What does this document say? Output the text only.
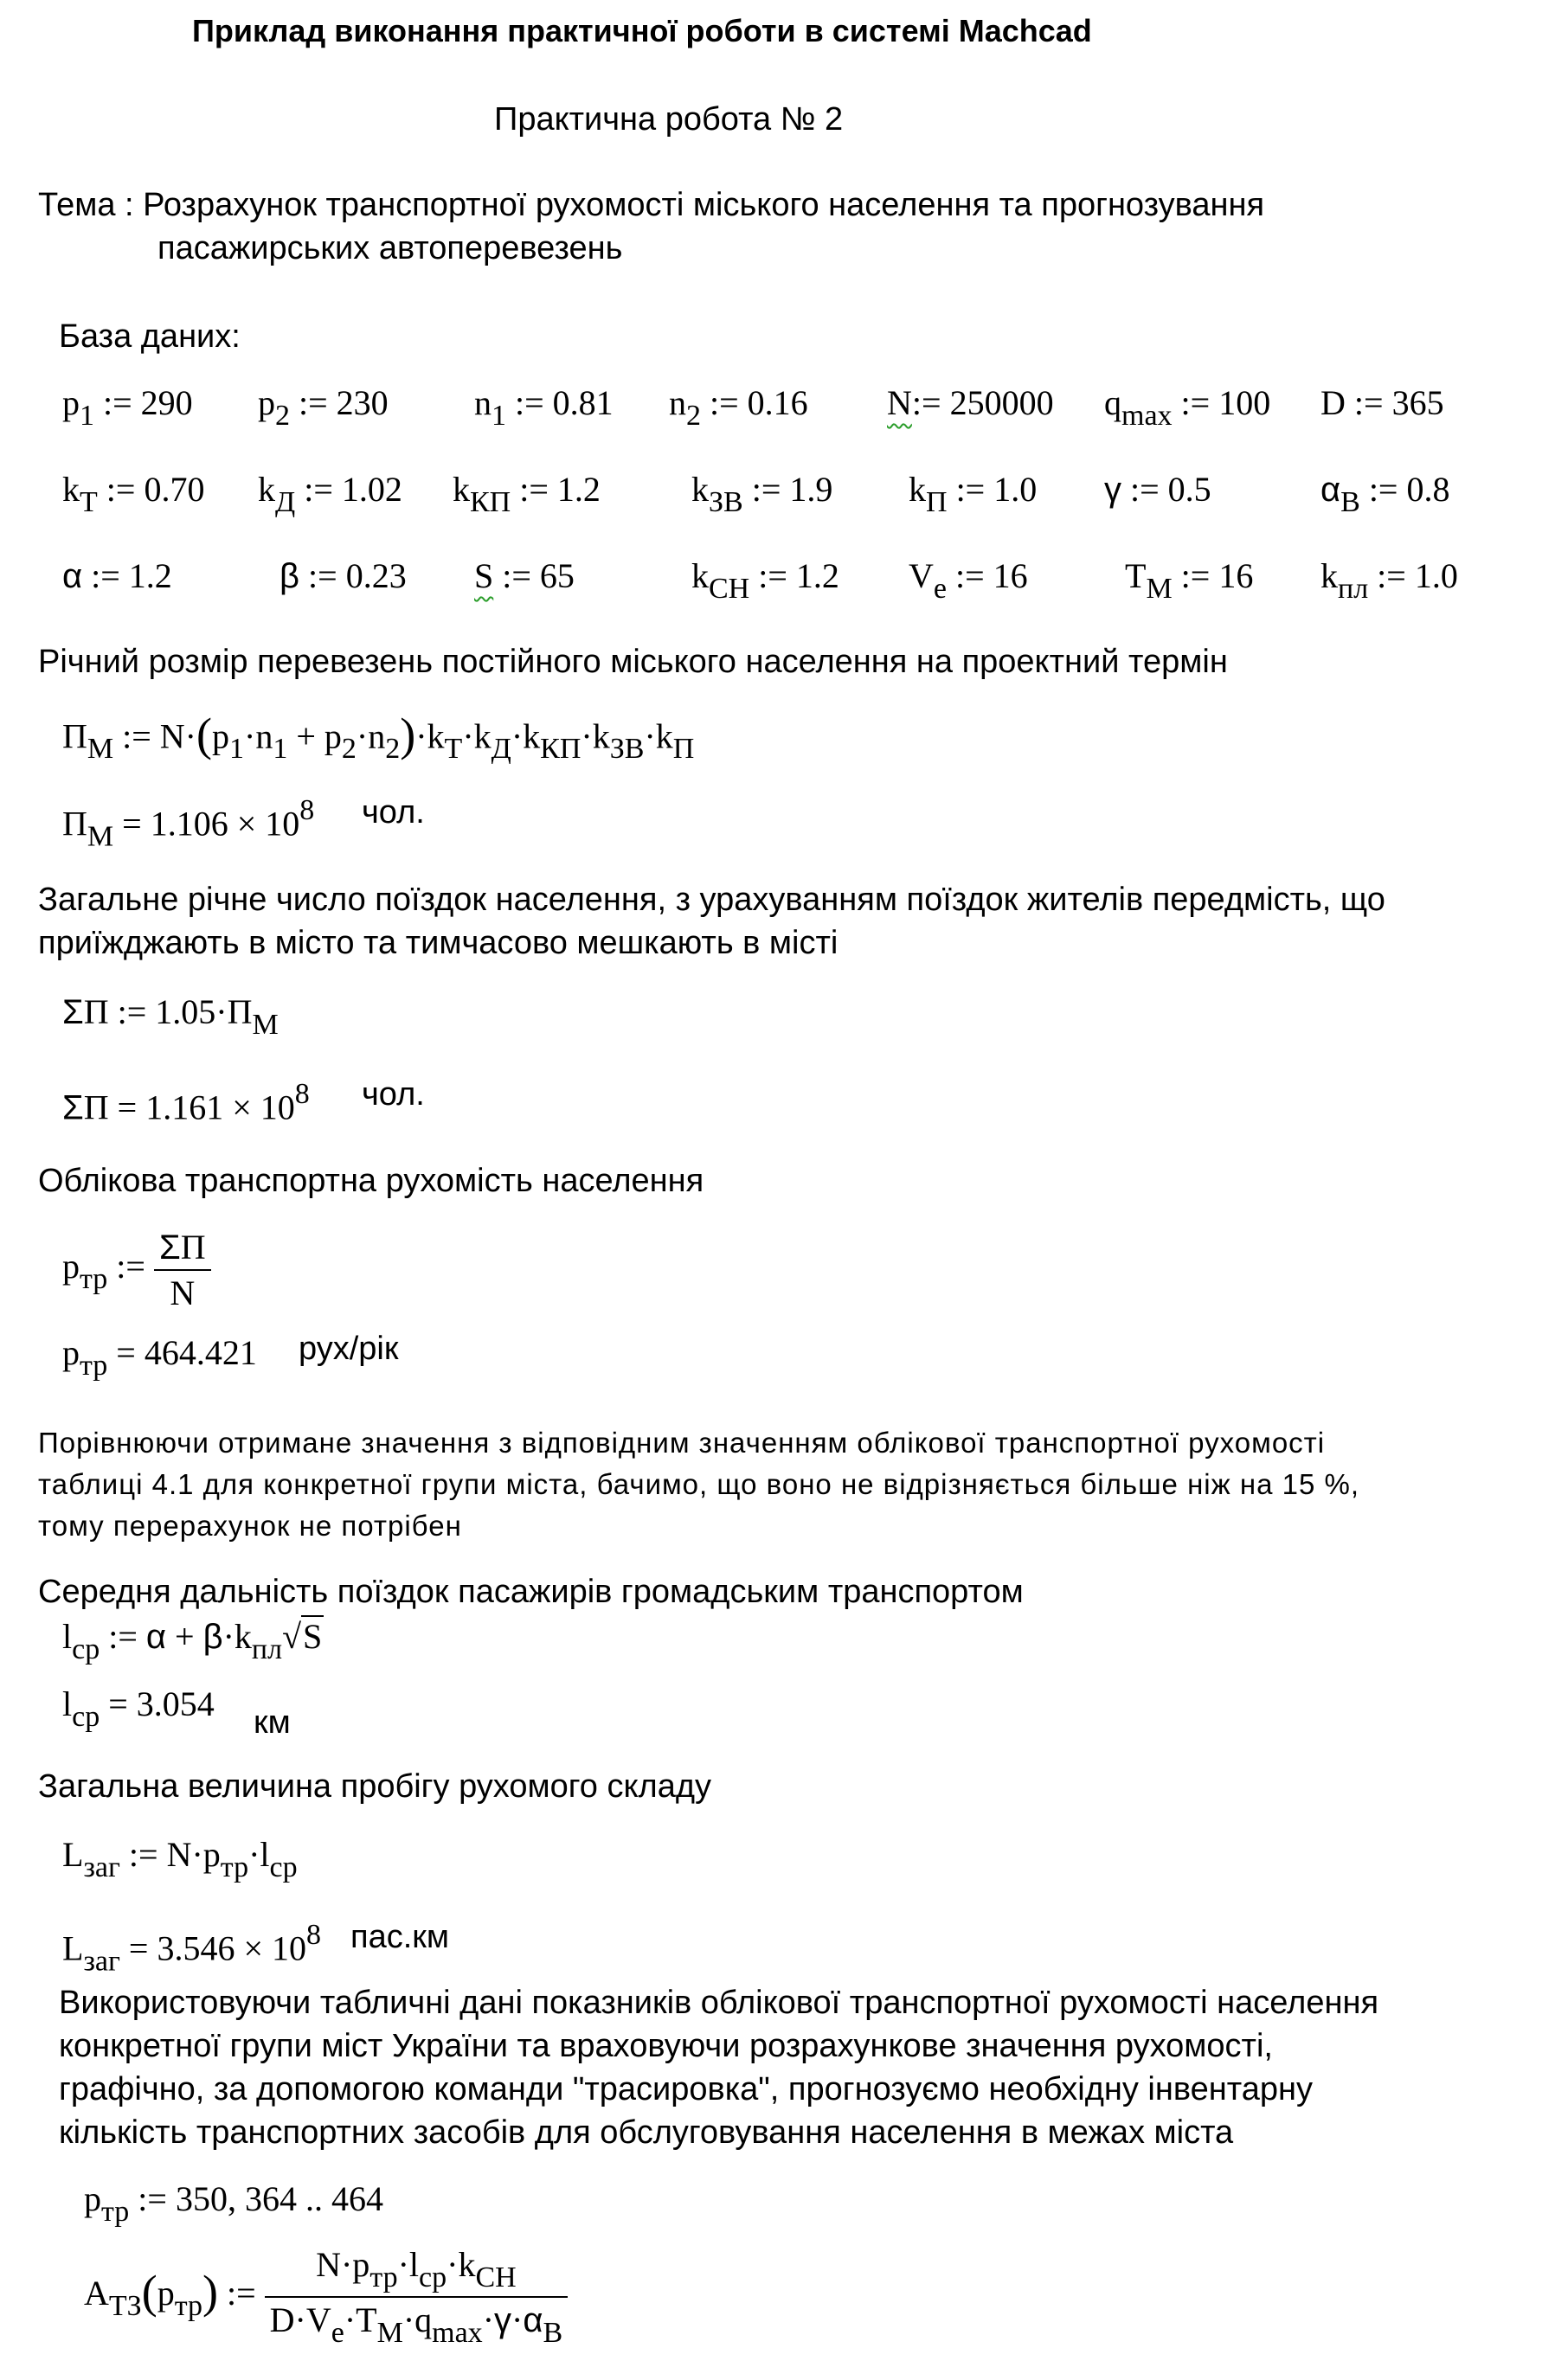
Приклад виконання практичної роботи в системі Machcad
Практична робота № 2
Тема : Розрахунок транспортної рухомості міського населення та прогнозування
пасажирських автоперевезень
База даних:
$p_1$ := 290 $p_2$ := 230 $n_1$ := 0.81 $n_2$ := 0.16 N:= 250000 $q_{max}$ := 100 D := 365
$k_Т$ := 0.70 $k_Д$ := 1.02 $k_{КП}$ := 1.2	$k_{ЗВ}$ := 1.9 $k_П$ := 1.0 γ := 0.5	$\alpha_В$ := 0.8
α := 1.2	β := 0.23 S := 65	$k_{СН}$ := 1.2 $V_e$ := 16	$T_М$ := 16 $k_{пл}$ := 1.0
Річний розмір перевезень постійного міського населення на проектний термін
$П_М$ := $N\cdot(p_1\cdot n_1 + p_2\cdot n_2)\cdot k_Т\cdot k_Д\cdot k_{КП}\cdot k_{ЗВ}\cdot k_П$
$П_М = 1.106 \times 10^8$ чол.
Загальне річне число поїздок населення, з урахуванням поїздок жителів передмість, що
приїжджають в місто та тимчасово мешкають в місті
ΣП := $1.05\cdot П_М$
$\Sigma П = 1.161 \times 10^8$ чол.
Облікова транспортна рухомість населення
$p_{тр}$ := $\frac{\Sigma П}{N}$
$p_{тр} = 464.421$ рух/рік
Порівнюючи отримане значення з відповідним значенням облікової транспортної рухомості
таблиці 4.1 для конкретної групи міста, бачимо, що воно не відрізняється більше ніж на 15 %,
тому перерахунок не потрібен
Середня дальність поїздок пасажирів громадським транспортом
$l_{ср}$ := $\alpha + \beta\cdot k_{пл}√S$
$l_{ср} = 3.054$ км
Загальна величина пробігу рухомого складу
$L_{заг}$ := $N\cdot p_{тр}\cdot l_{ср}$
$L_{заг} = 3.546 \times 10^8$ пас.км
Використовуючи табличні дані показників облікової транспортної рухомості населення
конкретної групи міст України та враховуючи розрахункове значення рухомості,
графічно, за допомогою команди "трасировка", прогнозуємо необхідну інвентарну
кількість транспортних засобів для обслуговування населення в межах міста
$p_{тр}$ := 350, 364 .. 464
$A_{ТЗ}(p_{тр})$ := $\frac{N\cdot p_{тр}\cdot l_{ср}\cdot k_{СН}}{D\cdot V_e\cdot T_М\cdot q_{max}\cdot\gamma\cdot\alpha_В}$
